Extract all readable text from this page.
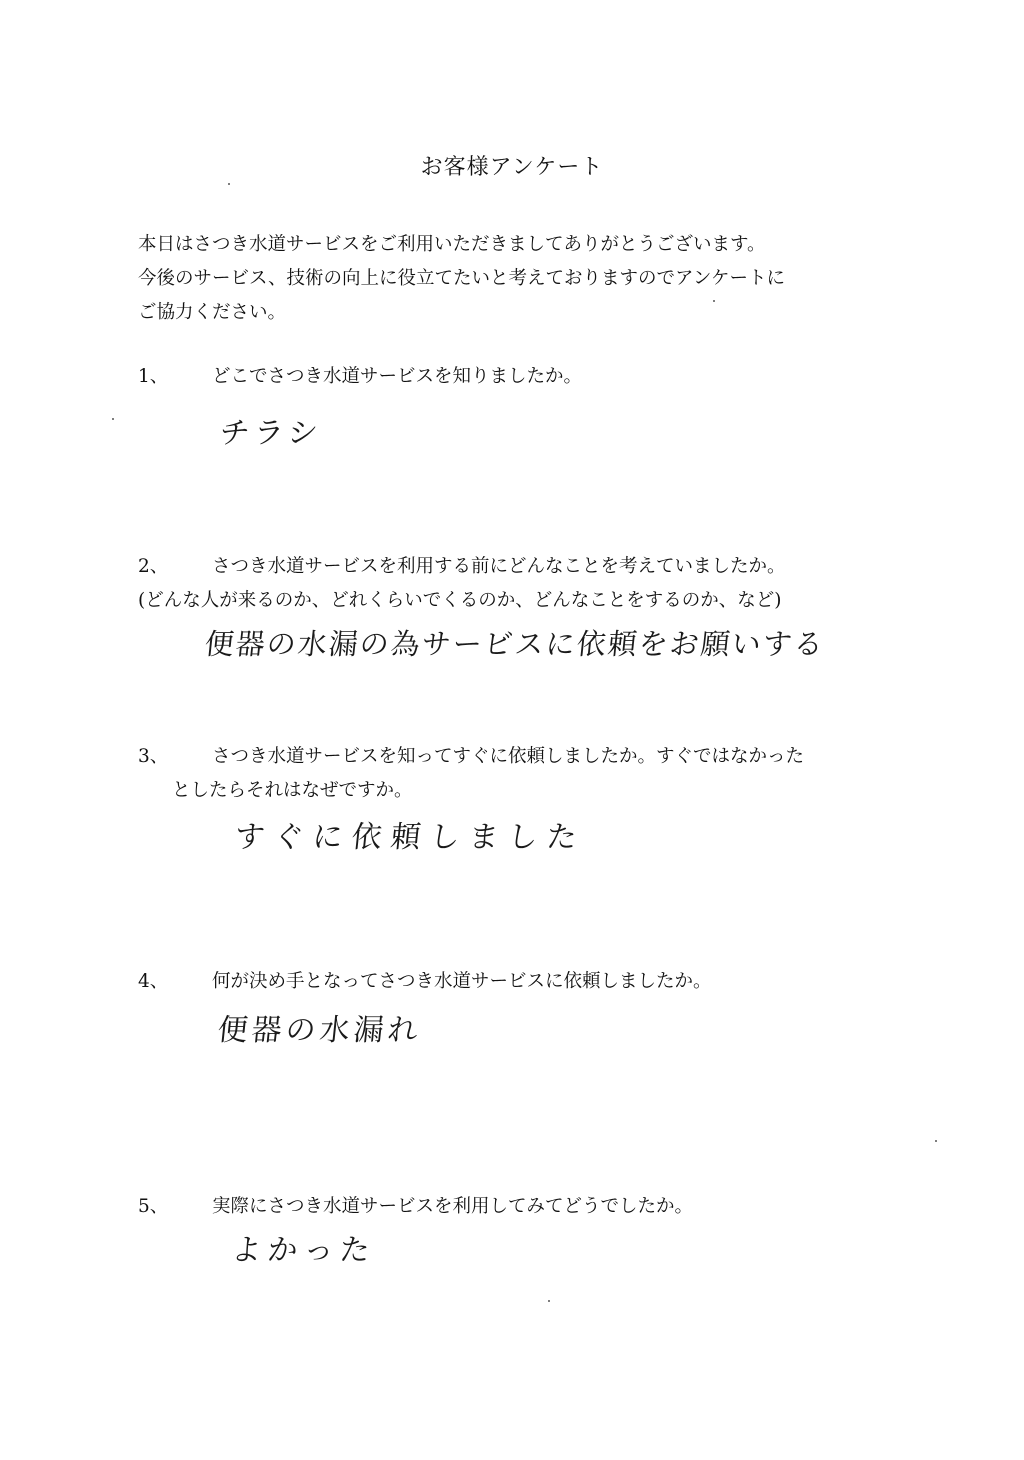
お客様アンケート
本日はさつき水道サービスをご利用いただきましてありがとうございます。
今後のサービス、技術の向上に役立てたいと考えておりますのでアンケートに
ご協力ください。
1、 どこでさつき水道サービスを知りましたか。
チラシ
2、 さつき水道サービスを利用する前にどんなことを考えていましたか。
(どんな人が来るのか、どれくらいでくるのか、どんなことをするのか、など)
便器の水漏の為サービスに依頼をお願いする
3、 さつき水道サービスを知ってすぐに依頼しましたか。すぐではなかった
としたらそれはなぜですか。
すぐに依頼しました
4、 何が決め手となってさつき水道サービスに依頼しましたか。
便器の水漏れ
5、 実際にさつき水道サービスを利用してみてどうでしたか。
よかった
